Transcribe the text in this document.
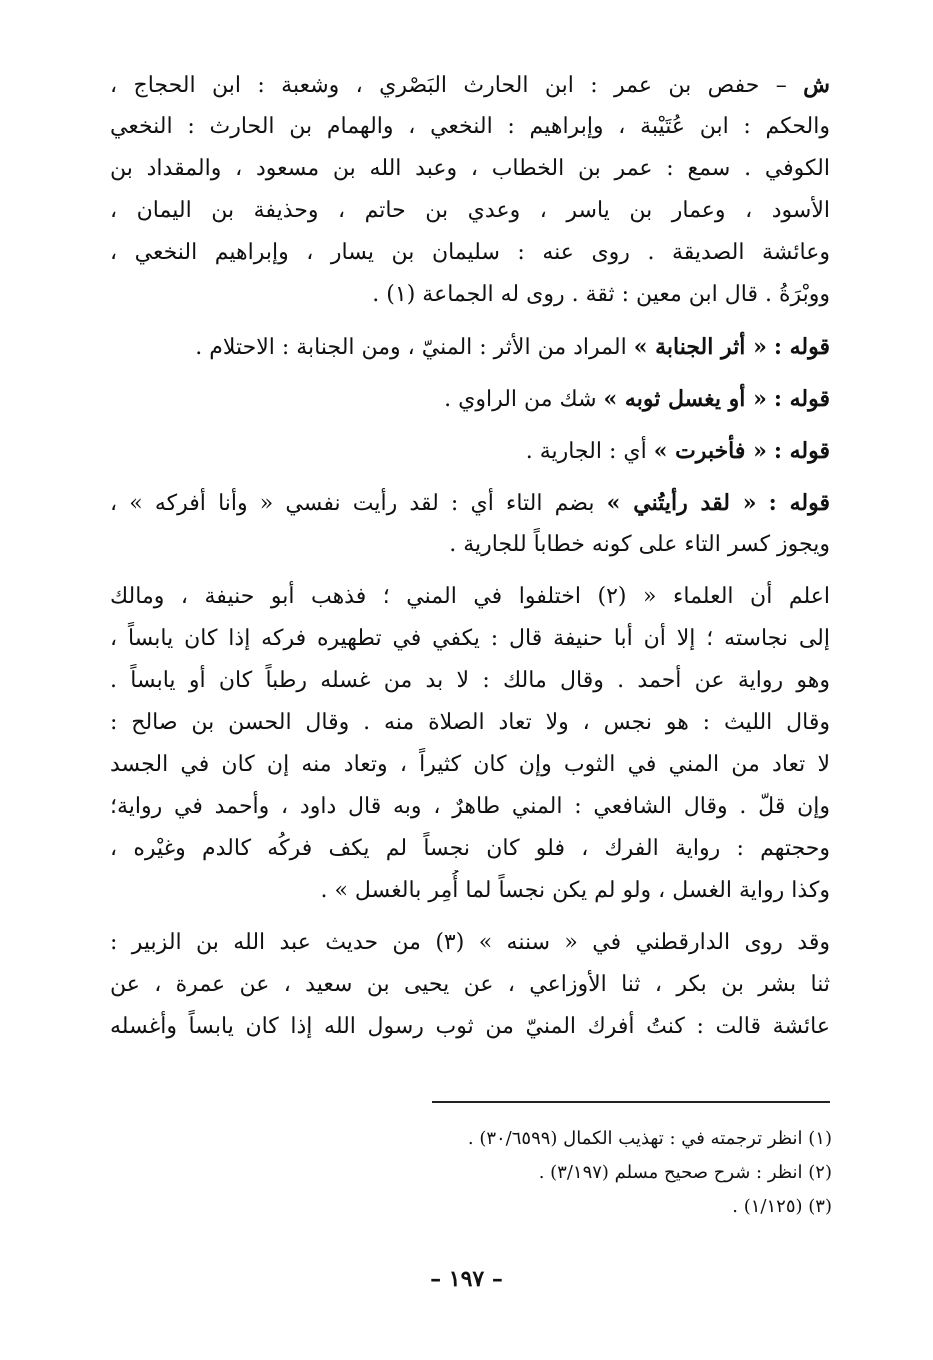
ش – حفص بن عمر : ابن الحارث البَصْري ، وشعبة : ابن الحجاج ،
والحكم : ابن عُتَيْبة ، وإبراهيم : النخعي ، والهمام بن الحارث : النخعي
الكوفي . سمع : عمر بن الخطاب ، وعبد الله بن مسعود ، والمقداد بن
الأسود ، وعمار بن ياسر ، وعدي بن حاتم ، وحذيفة بن اليمان ،
وعائشة الصديقة . روى عنه : سليمان بن يسار ، وإبراهيم النخعي ،
ووبْرَةُ . قال ابن معين : ثقة . روى له الجماعة (١) .
قوله : « أثر الجنابة » المراد من الأثر : المنيّ ، ومن الجنابة : الاحتلام .
قوله : « أو يغسل ثوبه » شك من الراوي .
قوله : « فأخبرت » أي : الجارية .
قوله : « لقد رأيتُني » بضم التاء أي : لقد رأيت نفسي « وأنا أفركه » ،
ويجوز كسر التاء على كونه خطاباً للجارية .
اعلم أن العلماء « (٢) اختلفوا في المني ؛ فذهب أبو حنيفة ، ومالك
إلى نجاسته ؛ إلا أن أبا حنيفة قال : يكفي في تطهيره فركه إذا كان يابساً ،
وهو رواية عن أحمد . وقال مالك : لا بد من غسله رطباً كان أو يابساً .
وقال الليث : هو نجس ، ولا تعاد الصلاة منه . وقال الحسن بن صالح :
لا تعاد من المني في الثوب وإن كان كثيراً ، وتعاد منه إن كان في الجسد
وإن قلّ . وقال الشافعي : المني طاهرٌ ، وبه قال داود ، وأحمد في رواية؛
وحجتهم : رواية الفرك ، فلو كان نجساً لم يكف فركُه كالدم وغيْره ،
وكذا رواية الغسل ، ولو لم يكن نجساً لما أُمِر بالغسل » .
وقد روى الدارقطني في « سننه » (٣) من حديث عبد الله بن الزبير :
ثنا بشر بن بكر ، ثنا الأوزاعي ، عن يحيى بن سعيد ، عن عمرة ، عن
عائشة قالت : كنتُ أفرك المنيّ من ثوب رسول الله إذا كان يابساً وأغسله
(١) انظر ترجمته في : تهذيب الكمال (٣٠/٦٥٩٩) .
(٢) انظر : شرح صحيح مسلم (٣/١٩٧) .
(٣) (١/١٢٥) .
– ١٩٧ –
